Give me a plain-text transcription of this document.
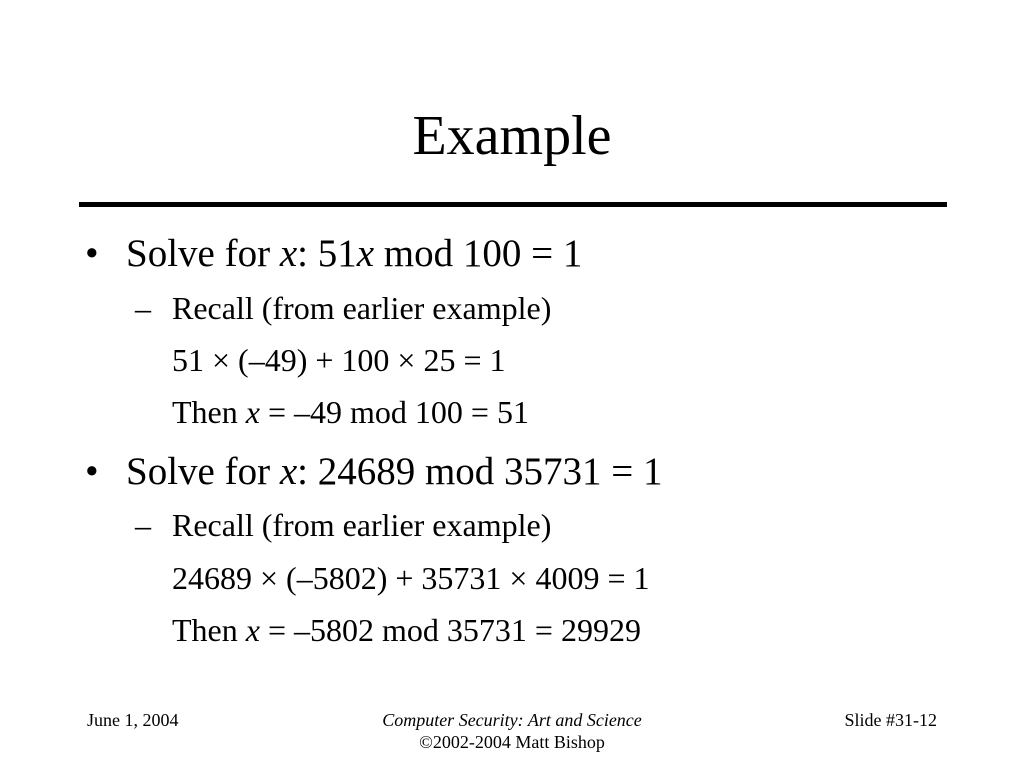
Example
• Solve for x: 51x mod 100 = 1
– Recall (from earlier example)
51 × (–49) + 100 × 25 = 1
Then x = –49 mod 100 = 51
• Solve for x: 24689 mod 35731 = 1
– Recall (from earlier example)
24689 × (–5802) + 35731 × 4009 = 1
Then x = –5802 mod 35731 = 29929
June 1, 2004	Computer Security: Art and Science
©2002-2004 Matt Bishop
Slide #31-12
